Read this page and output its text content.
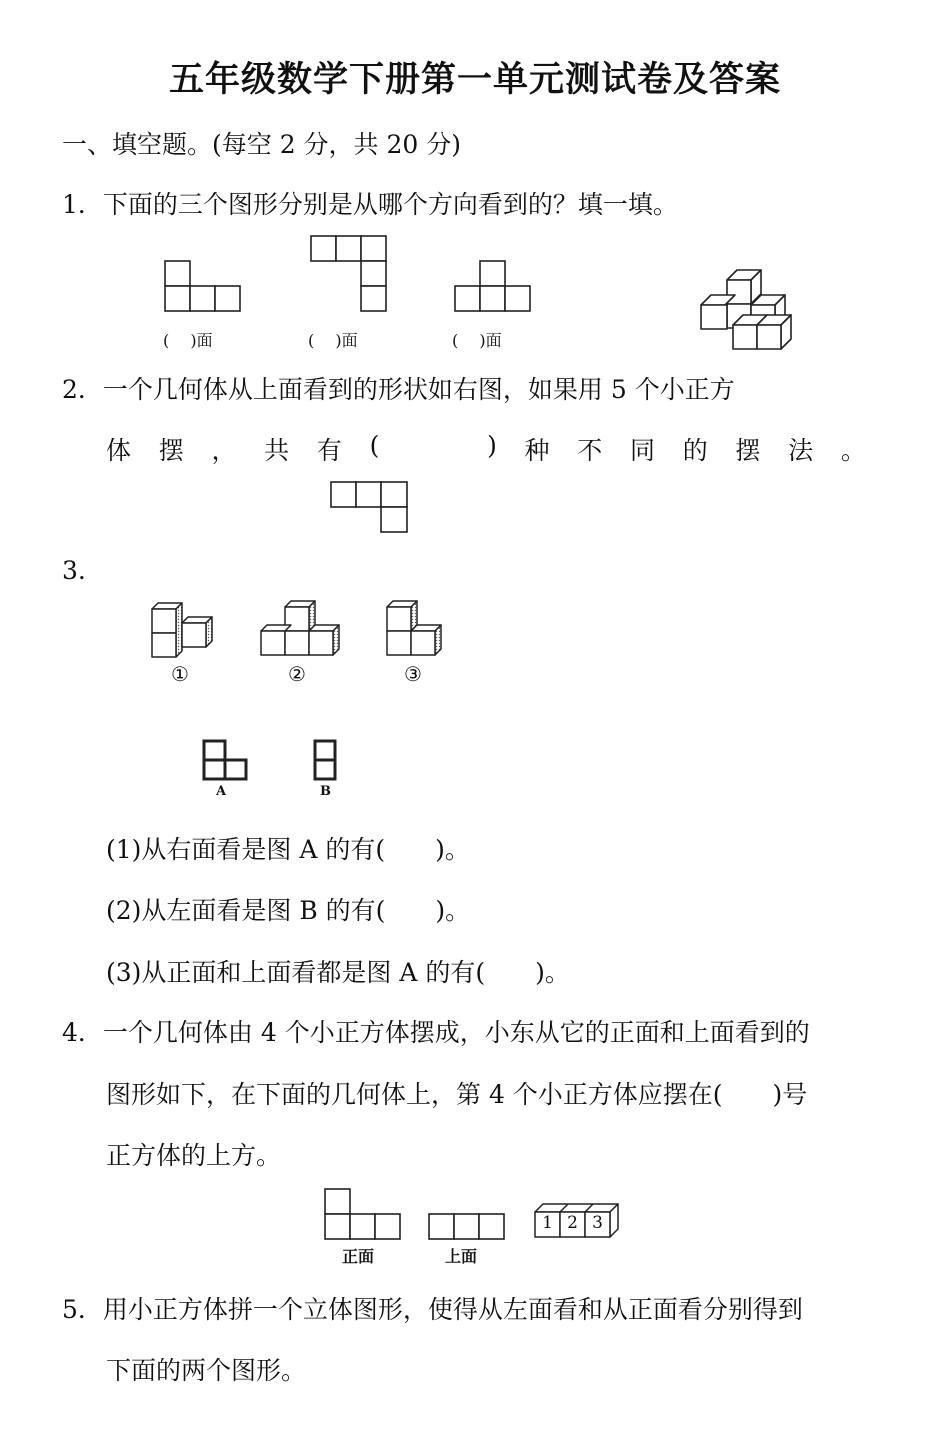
五年级数学下册第一单元测试卷及答案
一、填空题。(每空 2 分，共 20 分)
1．下面的三个图形分别是从哪个方向看到的？填一填。
(　 )面	(　 )面	(　 )面
2．一个几何体从上面看到的形状如右图，如果用 5 个小正方
体 摆 ， 共 有 (	) 种 不 同 的 摆 法 。
3.
①	②	③
A	B
(1)从右面看是图 A 的有(　　)。
(2)从左面看是图 B 的有(　　)。
(3)从正面和上面看都是图 A 的有(　　)。
4．一个几何体由 4 个小正方体摆成，小东从它的正面和上面看到的
图形如下，在下面的几何体上，第 4 个小正方体应摆在(　　)号
正方体的上方。
1 2 3
正面	上面
5．用小正方体拼一个立体图形，使得从左面看和从正面看分别得到
下面的两个图形。
